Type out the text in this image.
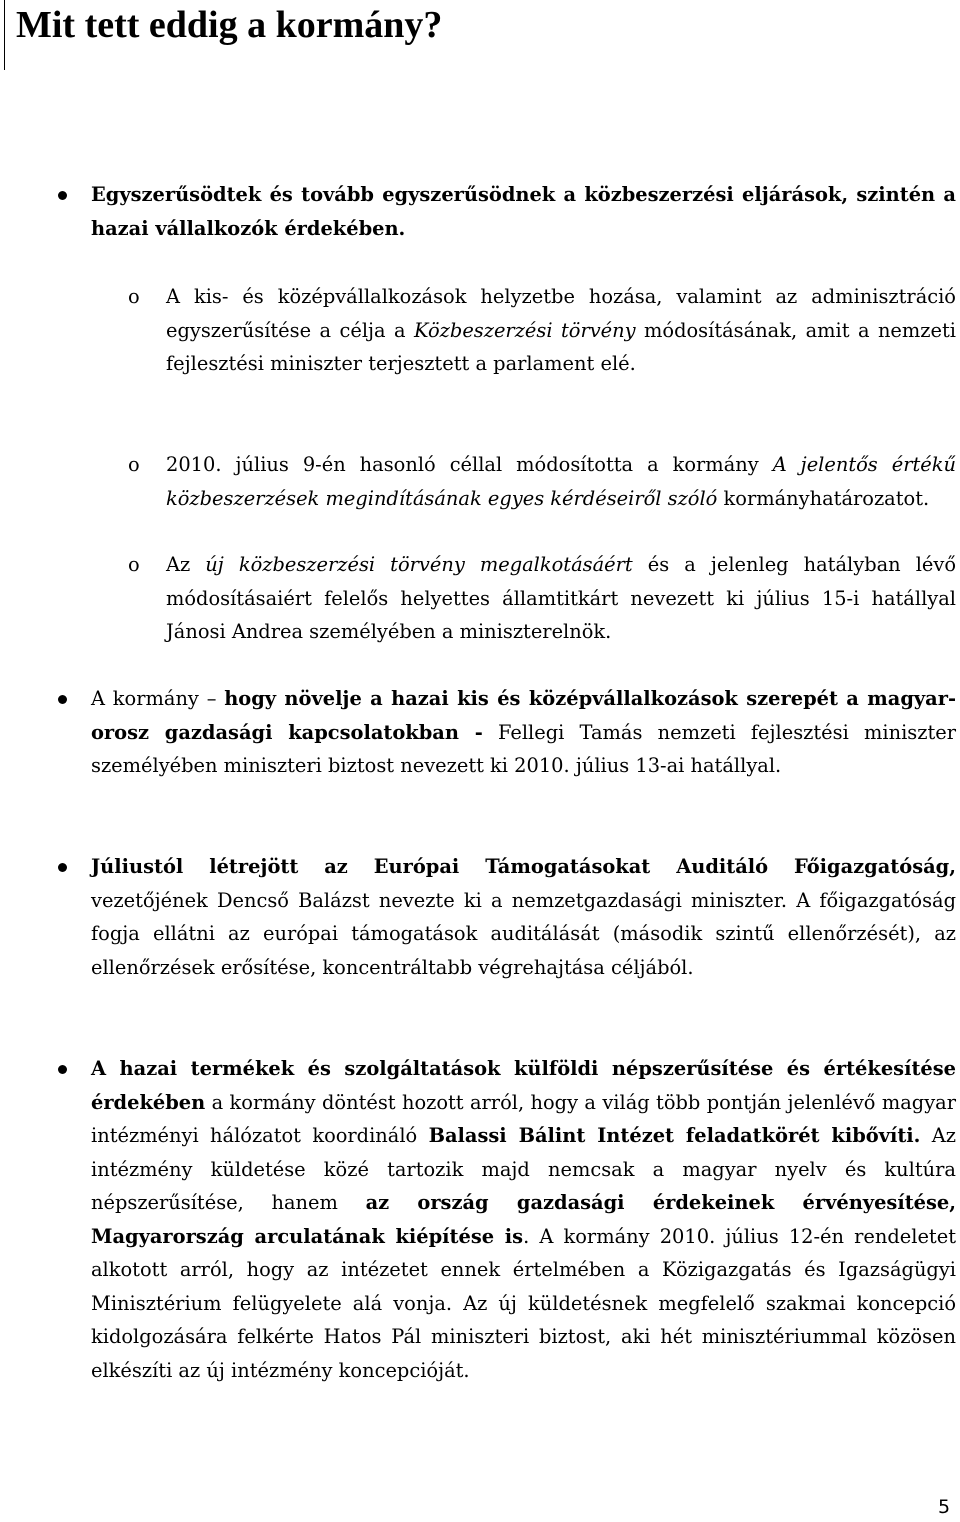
Mit tett eddig a kormány?
Egyszerűsödtek és tovább egyszerűsödnek a közbeszerzési eljárások, szintén a hazai vállalkozók érdekében.
o A kis- és középvállalkozások helyzetbe hozása, valamint az adminisztráció egyszerűsítése a célja a Közbeszerzési törvény módosításának, amit a nemzeti fejlesztési miniszter terjesztett a parlament elé.
o 2010. július 9-én hasonló céllal módosította a kormány A jelentős értékű közbeszerzések megindításának egyes kérdéseiről szóló kormányhatározatot.
o Az új közbeszerzési törvény megalkotásáért és a jelenleg hatályban lévő módosításaiért felelős helyettes államtitkárt nevezett ki július 15-i hatállyal Jánosi Andrea személyében a miniszterelnök.
A kormány – hogy növelje a hazai kis és középvállalkozások szerepét a magyar-orosz gazdasági kapcsolatokban - Fellegi Tamás nemzeti fejlesztési miniszter személyében miniszteri biztost nevezett ki 2010. július 13-ai hatállyal.
Júliustól létrejött az Európai Támogatásokat Auditáló Főigazgatóság, vezetőjének Dencső Balázst nevezte ki a nemzetgazdasági miniszter. A főigazgatóság fogja ellátni az európai támogatások auditálását (második szintű ellenőrzését), az ellenőrzések erősítése, koncentráltabb végrehajtása céljából.
A hazai termékek és szolgáltatások külföldi népszerűsítése és értékesítése érdekében a kormány döntést hozott arról, hogy a világ több pontján jelenlévő magyar intézményi hálózatot koordináló Balassi Bálint Intézet feladatkörét kibővíti. Az intézmény küldetése közé tartozik majd nemcsak a magyar nyelv és kultúra népszerűsítése, hanem az ország gazdasági érdekeinek érvényesítése, Magyarország arculatának kiépítése is. A kormány 2010. július 12-én rendeletet alkotott arról, hogy az intézetet ennek értelmében a Közigazgatás és Igazságügyi Minisztérium felügyelete alá vonja. Az új küldetésnek megfelelő szakmai koncepció kidolgozására felkérte Hatos Pál miniszteri biztost, aki hét minisztériummal közösen elkészíti az új intézmény koncepcióját.
5
